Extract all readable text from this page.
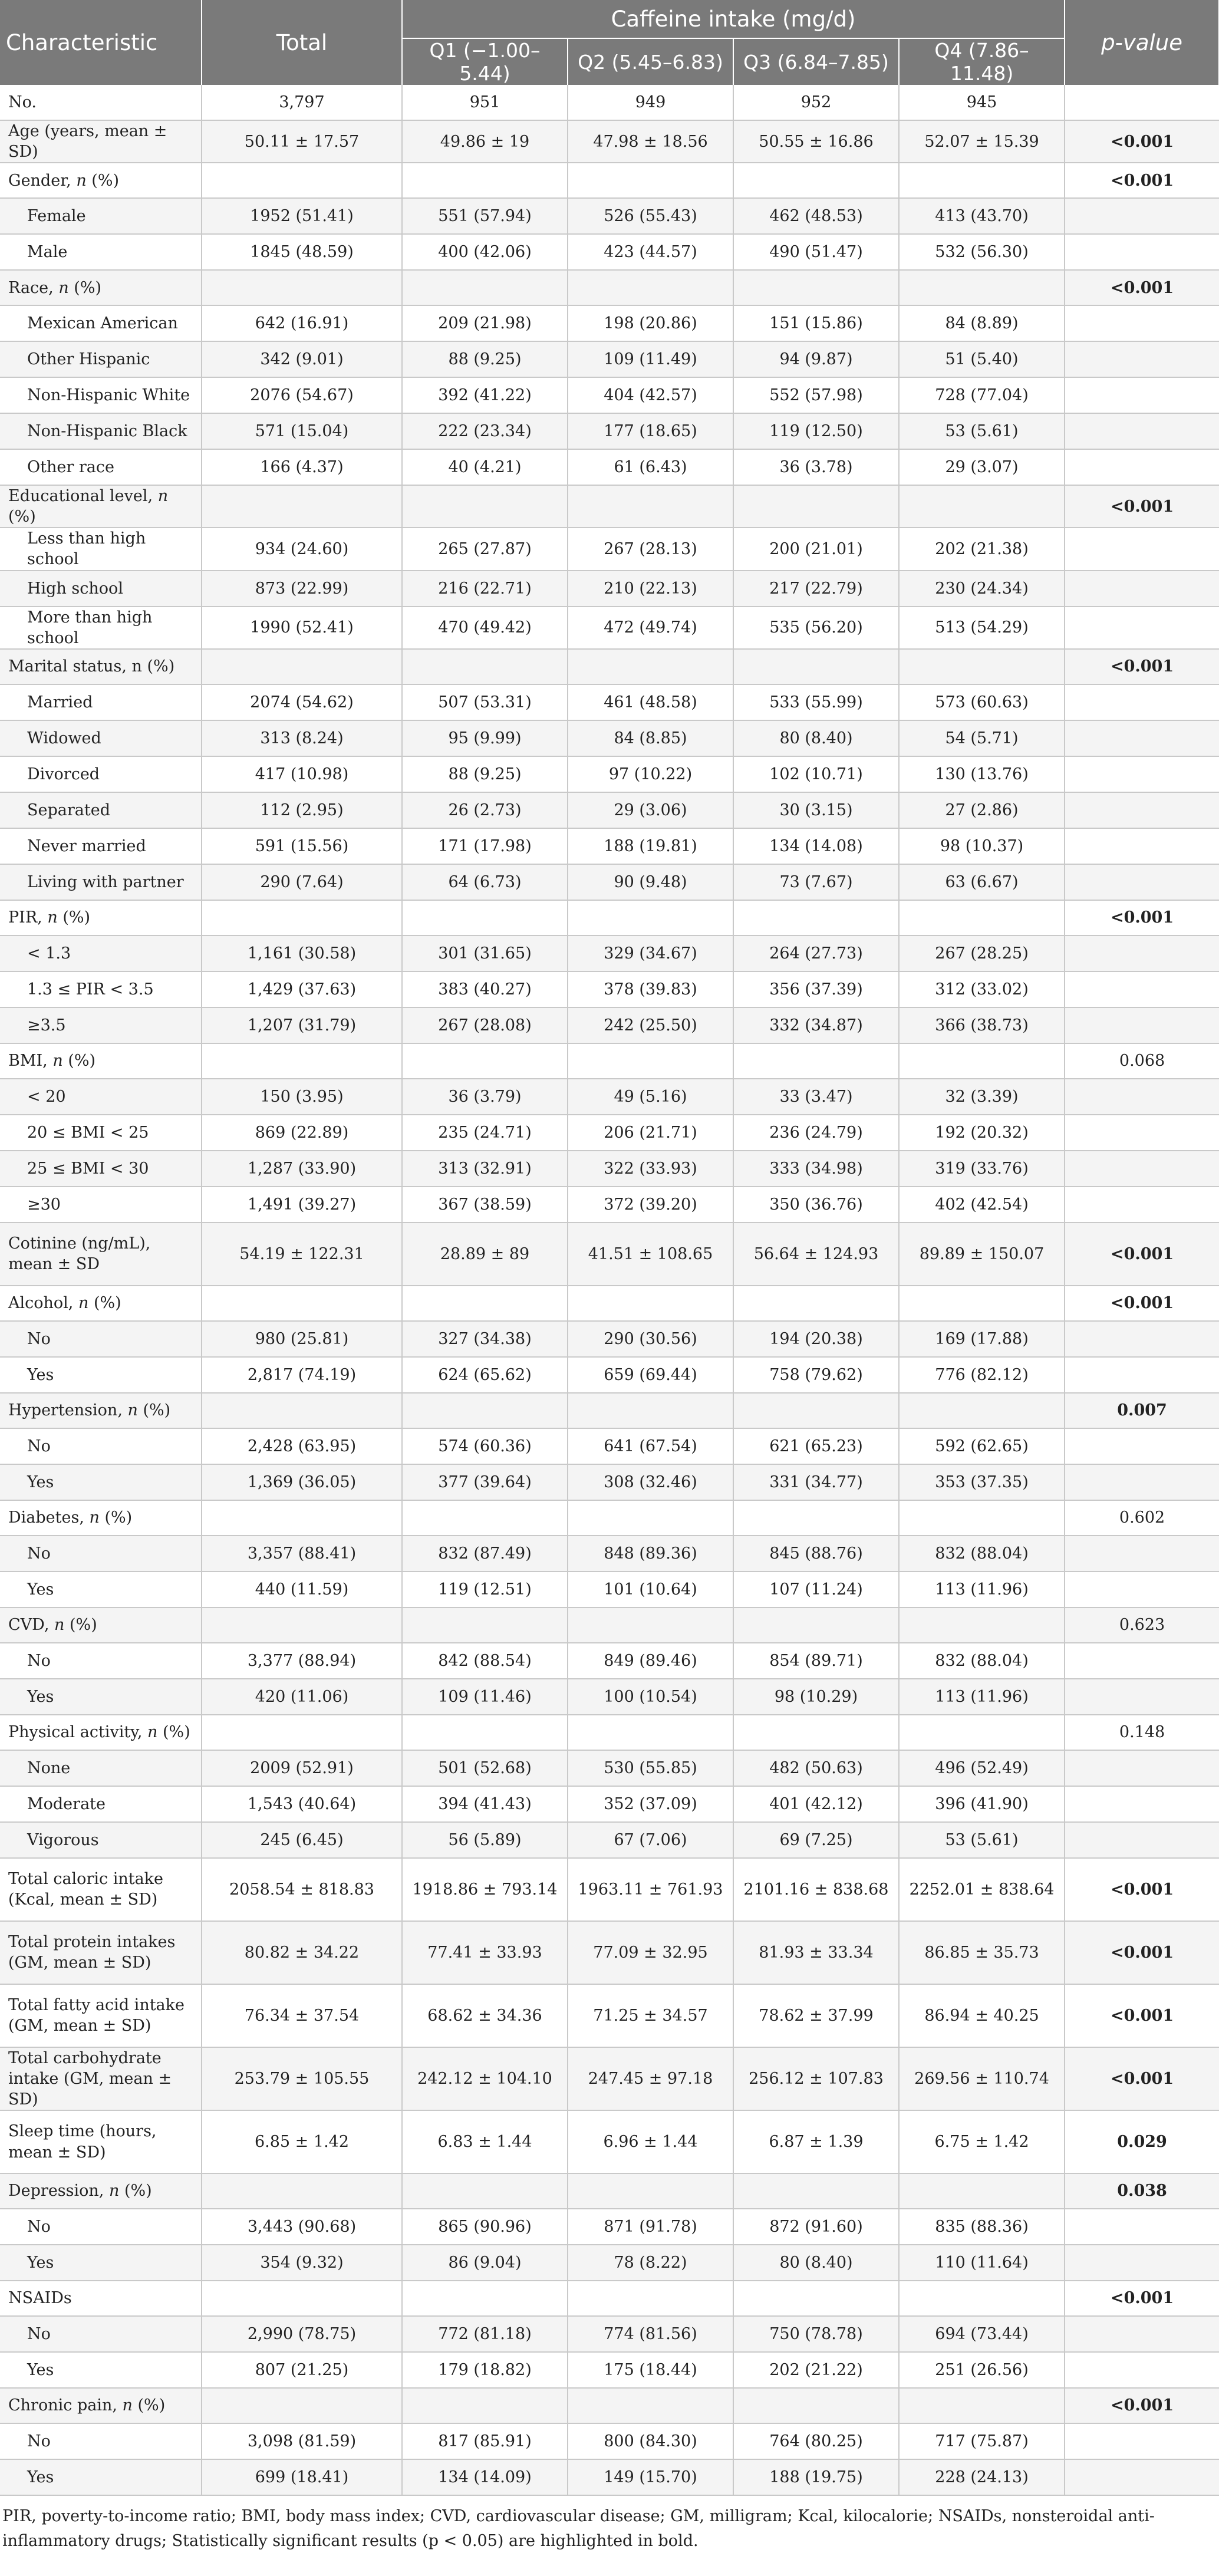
Characteristic	Total	Caffeine intake (mg/d)				p-value
		Q1 (−1.00–5.44)	Q2 (5.45–6.83)	Q3 (6.84–7.85)	Q4 (7.86–11.48)	
No.	3,797	951	949	952	945	
Age (years, mean ± SD)	50.11 ± 17.57	49.86 ± 19	47.98 ± 18.56	50.55 ± 16.86	52.07 ± 15.39	<0.001
Gender, n (%)						<0.001
Female	1952 (51.41)	551 (57.94)	526 (55.43)	462 (48.53)	413 (43.70)	
Male	1845 (48.59)	400 (42.06)	423 (44.57)	490 (51.47)	532 (56.30)	
Race, n (%)						<0.001
Mexican American	642 (16.91)	209 (21.98)	198 (20.86)	151 (15.86)	84 (8.89)	
Other Hispanic	342 (9.01)	88 (9.25)	109 (11.49)	94 (9.87)	51 (5.40)	
Non-Hispanic White	2076 (54.67)	392 (41.22)	404 (42.57)	552 (57.98)	728 (77.04)	
Non-Hispanic Black	571 (15.04)	222 (23.34)	177 (18.65)	119 (12.50)	53 (5.61)	
Other race	166 (4.37)	40 (4.21)	61 (6.43)	36 (3.78)	29 (3.07)	
Educational level, n (%)						<0.001
Less than high school	934 (24.60)	265 (27.87)	267 (28.13)	200 (21.01)	202 (21.38)	
High school	873 (22.99)	216 (22.71)	210 (22.13)	217 (22.79)	230 (24.34)	
More than high school	1990 (52.41)	470 (49.42)	472 (49.74)	535 (56.20)	513 (54.29)	
Marital status, n (%)						<0.001
Married	2074 (54.62)	507 (53.31)	461 (48.58)	533 (55.99)	573 (60.63)	
Widowed	313 (8.24)	95 (9.99)	84 (8.85)	80 (8.40)	54 (5.71)	
Divorced	417 (10.98)	88 (9.25)	97 (10.22)	102 (10.71)	130 (13.76)	
Separated	112 (2.95)	26 (2.73)	29 (3.06)	30 (3.15)	27 (2.86)	
Never married	591 (15.56)	171 (17.98)	188 (19.81)	134 (14.08)	98 (10.37)	
Living with partner	290 (7.64)	64 (6.73)	90 (9.48)	73 (7.67)	63 (6.67)	
PIR, n (%)						<0.001
< 1.3	1,161 (30.58)	301 (31.65)	329 (34.67)	264 (27.73)	267 (28.25)	
1.3 ≤ PIR < 3.5	1,429 (37.63)	383 (40.27)	378 (39.83)	356 (37.39)	312 (33.02)	
≥3.5	1,207 (31.79)	267 (28.08)	242 (25.50)	332 (34.87)	366 (38.73)	
BMI, n (%)						0.068
< 20	150 (3.95)	36 (3.79)	49 (5.16)	33 (3.47)	32 (3.39)	
20 ≤ BMI < 25	869 (22.89)	235 (24.71)	206 (21.71)	236 (24.79)	192 (20.32)	
25 ≤ BMI < 30	1,287 (33.90)	313 (32.91)	322 (33.93)	333 (34.98)	319 (33.76)	
≥30	1,491 (39.27)	367 (38.59)	372 (39.20)	350 (36.76)	402 (42.54)	
Cotinine (ng/mL), mean ± SD	54.19 ± 122.31	28.89 ± 89	41.51 ± 108.65	56.64 ± 124.93	89.89 ± 150.07	<0.001
Alcohol, n (%)						<0.001
No	980 (25.81)	327 (34.38)	290 (30.56)	194 (20.38)	169 (17.88)	
Yes	2,817 (74.19)	624 (65.62)	659 (69.44)	758 (79.62)	776 (82.12)	
Hypertension, n (%)						0.007
No	2,428 (63.95)	574 (60.36)	641 (67.54)	621 (65.23)	592 (62.65)	
Yes	1,369 (36.05)	377 (39.64)	308 (32.46)	331 (34.77)	353 (37.35)	
Diabetes, n (%)						0.602
No	3,357 (88.41)	832 (87.49)	848 (89.36)	845 (88.76)	832 (88.04)	
Yes	440 (11.59)	119 (12.51)	101 (10.64)	107 (11.24)	113 (11.96)	
CVD, n (%)						0.623
No	3,377 (88.94)	842 (88.54)	849 (89.46)	854 (89.71)	832 (88.04)	
Yes	420 (11.06)	109 (11.46)	100 (10.54)	98 (10.29)	113 (11.96)	
Physical activity, n (%)						0.148
None	2009 (52.91)	501 (52.68)	530 (55.85)	482 (50.63)	496 (52.49)	
Moderate	1,543 (40.64)	394 (41.43)	352 (37.09)	401 (42.12)	396 (41.90)	
Vigorous	245 (6.45)	56 (5.89)	67 (7.06)	69 (7.25)	53 (5.61)	
Total caloric intake (Kcal, mean ± SD)	2058.54 ± 818.83	1918.86 ± 793.14	1963.11 ± 761.93	2101.16 ± 838.68	2252.01 ± 838.64	<0.001
Total protein intakes (GM, mean ± SD)	80.82 ± 34.22	77.41 ± 33.93	77.09 ± 32.95	81.93 ± 33.34	86.85 ± 35.73	<0.001
Total fatty acid intake (GM, mean ± SD)	76.34 ± 37.54	68.62 ± 34.36	71.25 ± 34.57	78.62 ± 37.99	86.94 ± 40.25	<0.001
Total carbohydrate intake (GM, mean ± SD)	253.79 ± 105.55	242.12 ± 104.10	247.45 ± 97.18	256.12 ± 107.83	269.56 ± 110.74	<0.001
Sleep time (hours, mean ± SD)	6.85 ± 1.42	6.83 ± 1.44	6.96 ± 1.44	6.87 ± 1.39	6.75 ± 1.42	0.029
Depression, n (%)						0.038
No	3,443 (90.68)	865 (90.96)	871 (91.78)	872 (91.60)	835 (88.36)	
Yes	354 (9.32)	86 (9.04)	78 (8.22)	80 (8.40)	110 (11.64)	
NSAIDs						<0.001
No	2,990 (78.75)	772 (81.18)	774 (81.56)	750 (78.78)	694 (73.44)	
Yes	807 (21.25)	179 (18.82)	175 (18.44)	202 (21.22)	251 (26.56)	
Chronic pain, n (%)						<0.001
No	3,098 (81.59)	817 (85.91)	800 (84.30)	764 (80.25)	717 (75.87)	
Yes	699 (18.41)	134 (14.09)	149 (15.70)	188 (19.75)	228 (24.13)	
PIR, poverty-to-income ratio; BMI, body mass index; CVD, cardiovascular disease; GM, milligram; Kcal, kilocalorie; NSAIDs, nonsteroidal anti-inflammatory drugs; Statistically significant results (p < 0.05) are highlighted in bold.
